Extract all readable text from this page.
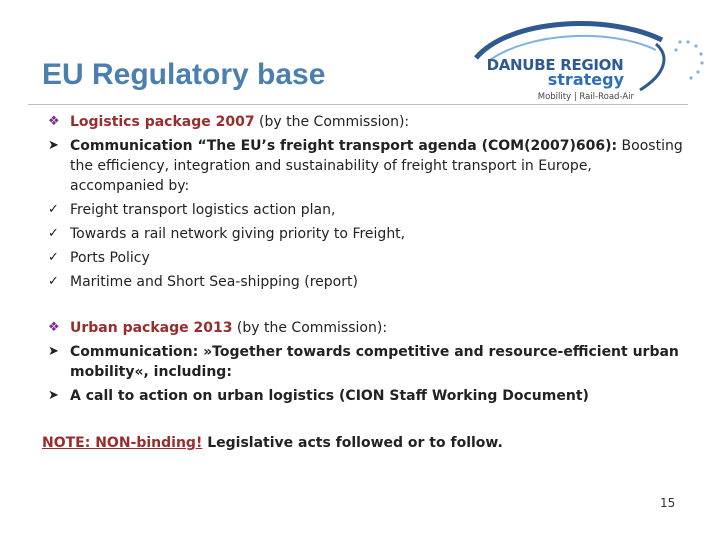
EU Regulatory base	DANUBE REGION
strategy
Mobility | Rail-Road-Air
❖ Logistics package 2007 (by the Commission):
➤ Communication “The EU’s freight transport agenda (COM(2007)606): Boosting the efficiency, integration and sustainability of freight transport in Europe, accompanied by:
✓ Freight transport logistics action plan,
✓ Towards a rail network giving priority to Freight,
✓ Ports Policy
✓ Maritime and Short Sea-shipping (report)
❖ Urban package 2013 (by the Commission):
➤ Communication: »Together towards competitive and resource-efficient urban mobility«, including:
➤ A call to action on urban logistics (CION Staff Working Document)
NOTE: NON-binding! Legislative acts followed or to follow.
15
